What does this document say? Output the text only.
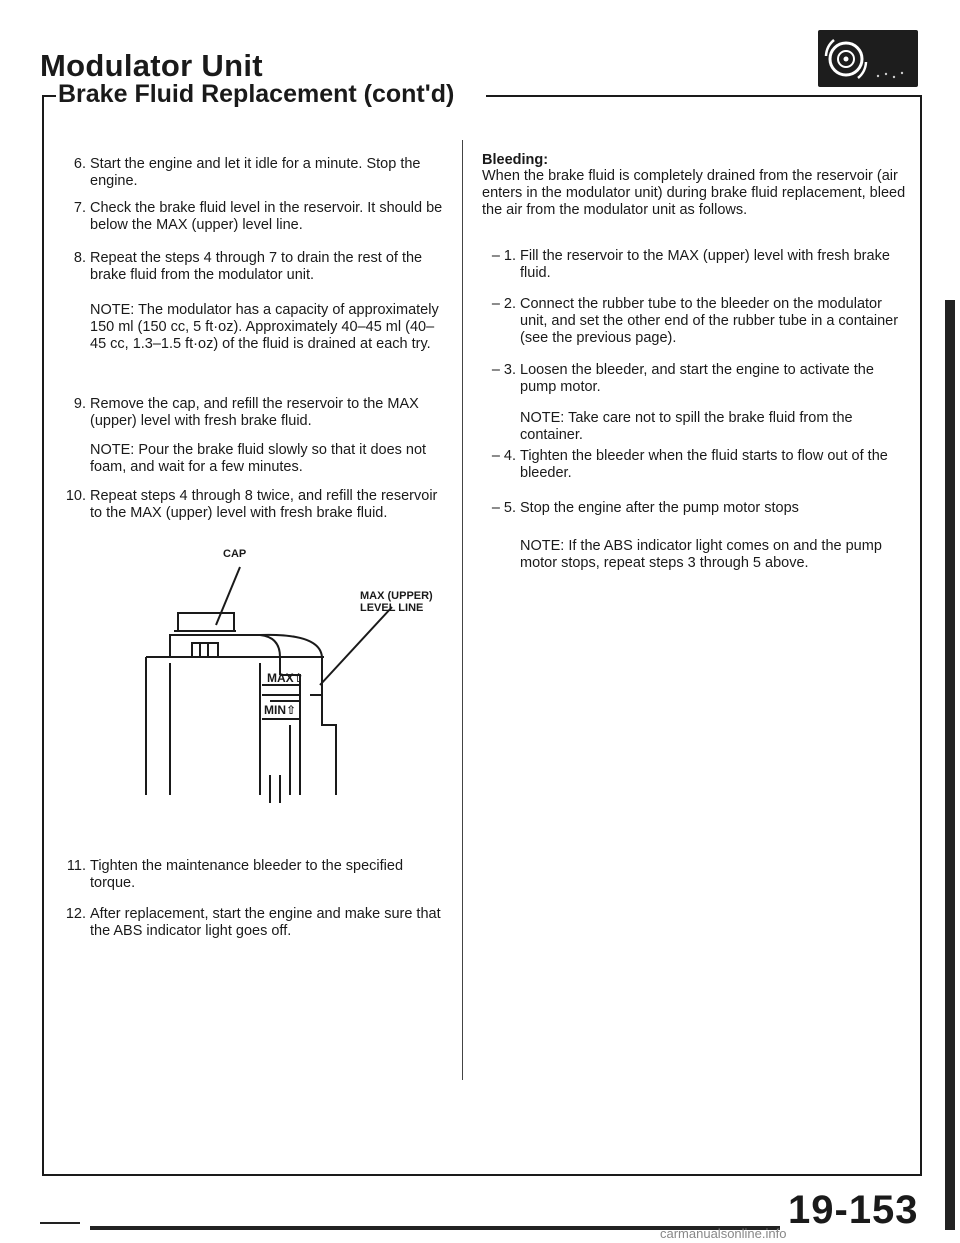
Modulator Unit
Brake Fluid Replacement (cont'd)
6. Start the engine and let it idle for a minute. Stop the engine.
7. Check the brake fluid level in the reservoir. It should be below the MAX (upper) level line.
8. Repeat the steps 4 through 7 to drain the rest of the brake fluid from the modulator unit.
NOTE: The modulator has a capacity of approximately 150 ml (150 cc, 5 ft·oz). Approximately 40–45 ml (40–45 cc, 1.3–1.5 ft·oz) of the fluid is drained at each try.
9. Remove the cap, and refill the reservoir to the MAX (upper) level with fresh brake fluid.
NOTE: Pour the brake fluid slowly so that it does not foam, and wait for a few minutes.
10. Repeat steps 4 through 8 twice, and refill the reservoir to the MAX (upper) level with fresh brake fluid.
CAP
MAX (UPPER) LEVEL LINE
MAX⇧
MIN⇧
11. Tighten the maintenance bleeder to the specified torque.
12. After replacement, start the engine and make sure that the ABS indicator light goes off.
Bleeding:
When the brake fluid is completely drained from the reservoir (air enters in the modulator unit) during brake fluid replacement, bleed the air from the modulator unit as follows.
– 1. Fill the reservoir to the MAX (upper) level with fresh brake fluid.
– 2. Connect the rubber tube to the bleeder on the modulator unit, and set the other end of the rubber tube in a container (see the previous page).
– 3. Loosen the bleeder, and start the engine to activate the pump motor.
NOTE: Take care not to spill the brake fluid from the container.
– 4. Tighten the bleeder when the fluid starts to flow out of the bleeder.
– 5. Stop the engine after the pump motor stops
NOTE: If the ABS indicator light comes on and the pump motor stops, repeat steps 3 through 5 above.
19-153
carmanualsonline.info
